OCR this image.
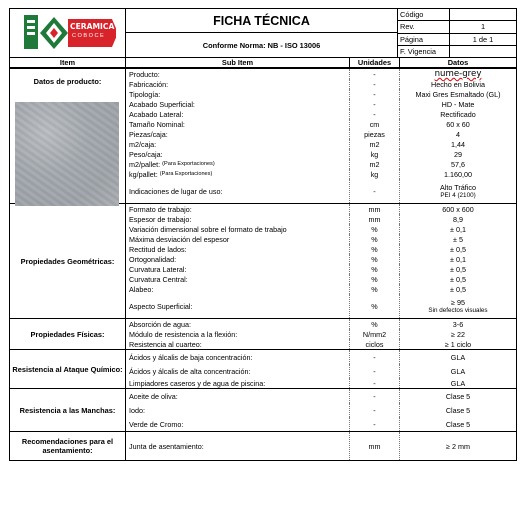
CERAMICA
COBOCE
FICHA TÉCNICA
Conforme Norma: NB - ISO 13006
Código
Rev.	1
Página	1 de 1
F. Vigencia
Item	Sub Item	Unidades	Datos
Datos de producto:
Producto:	-	nume-grey
Fabricación:	-	Hecho en Bolivia
Tipología:	-	Maxi Gres Esmaltado (GL)
Acabado Superficial:	-	HD - Mate
Acabado Lateral:	-	Rectificado
Tamaño Nominal:	cm	60 x 60
Piezas/caja:	piezas	4
m2/caja:	m2	1,44
Peso/caja:	kg	29
m2/pallet:
(Para Exportaciones)	m2	57,6
kg/pallet:
(Para Exportaciones)	kg	1.160,00
Indicaciones de lugar de uso:	-	Alto Tráfico
PEI 4 (2100)
Propiedades Geométricas:
Formato de trabajo:	mm	600 x 600
Espesor de trabajo:	mm	8,9
Variación dimensional sobre el formato de trabajo	%	± 0,1
Máxima desviación del espesor	%	± 5
Rectitud de lados:	%	± 0,5
Ortogonalidad:	%	± 0,1
Curvatura Lateral:	%	± 0,5
Curvatura Central:	%	± 0,5
Alabeo:	%	± 0,5
Aspecto Superficial:	%	≥ 95
Sin defectos visuales
Propiedades Físicas:
Absorción de agua:	%	3-6
Módulo de resistencia a la flexión:	N/mm2	≥ 22
Resistencia al cuarteo:	ciclos	≥ 1 ciclo
Resistencia al Ataque Químico:
Ácidos y álcalis de baja concentración:	-	GLA
Ácidos y álcalis de alta concentración:	-	GLA
Limpiadores caseros y de agua de piscina:	-	GLA
Resistencia a las Manchas:
Aceite de oliva:	-	Clase 5
Iodo:	-	Clase 5
Verde de Cromo:	-	Clase 5
Recomendaciones para el asentamiento:	Junta de asentamiento:	mm	≥ 2 mm
